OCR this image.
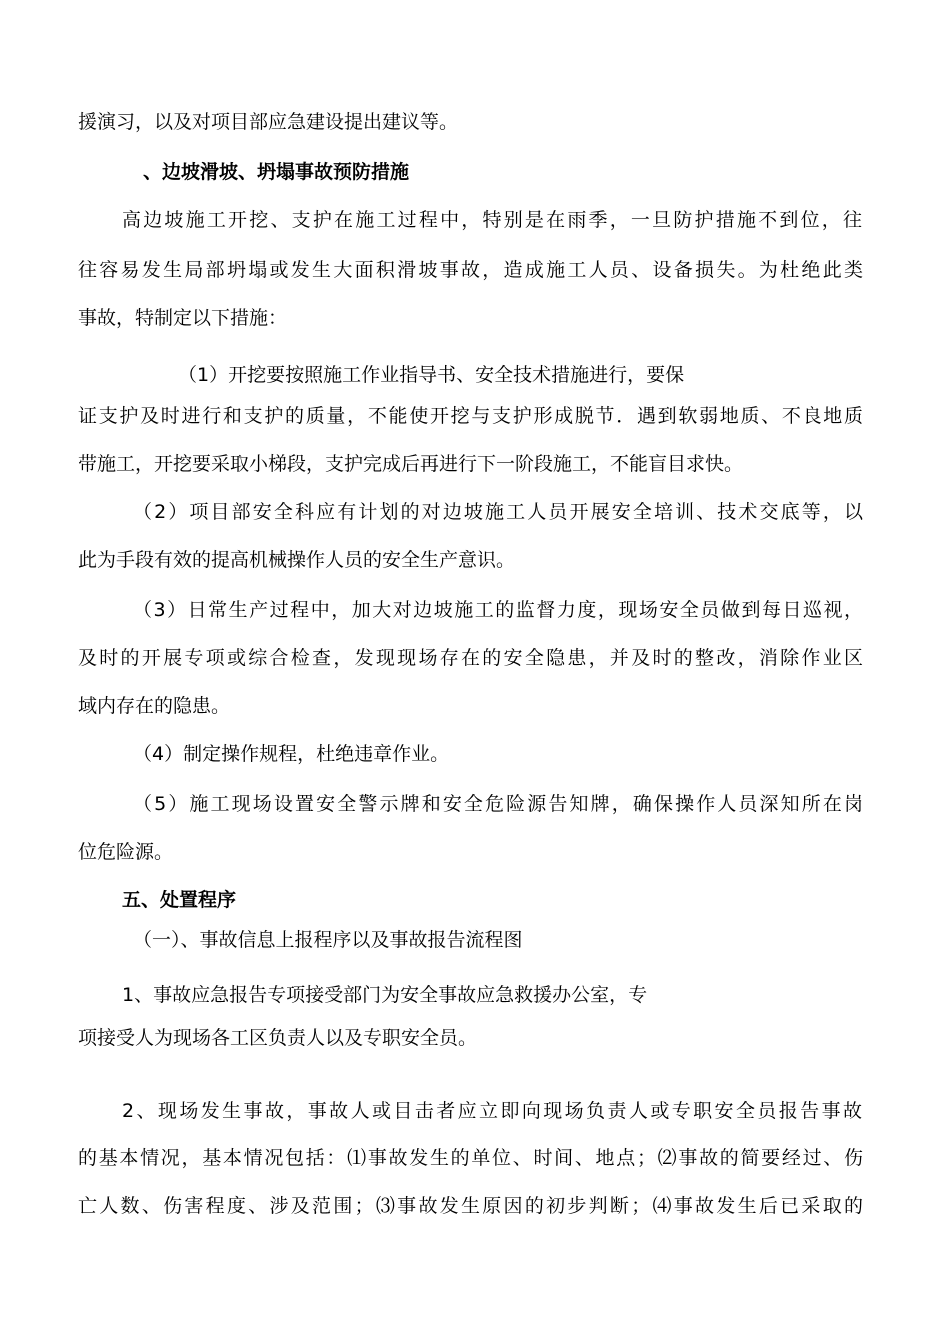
援演习，以及对项目部应急建设提出建议等。

、边坡滑坡、坍塌事故预防措施

高边坡施工开挖、支护在施工过程中，特别是在雨季，一旦防护措施不到位，往

往容易发生局部坍塌或发生大面积滑坡事故，造成施工人员、设备损失。为杜绝此类

事故，特制定以下措施：

（1）开挖要按照施工作业指导书、安全技术措施进行，要保

证支护及时进行和支护的质量，不能使开挖与支护形成脱节．遇到软弱地质、不良地质

带施工，开挖要采取小梯段，支护完成后再进行下一阶段施工，不能盲目求快。

（2）项目部安全科应有计划的对边坡施工人员开展安全培训、技术交底等，以

此为手段有效的提高机械操作人员的安全生产意识。

（3）日常生产过程中，加大对边坡施工的监督力度，现场安全员做到每日巡视，

及时的开展专项或综合检查，发现现场存在的安全隐患，并及时的整改，消除作业区

域内存在的隐患。

（4）制定操作规程，杜绝违章作业。

（5）施工现场设置安全警示牌和安全危险源告知牌，确保操作人员深知所在岗

位危险源。

五、处置程序

（一）、事故信息上报程序以及事故报告流程图

1、事故应急报告专项接受部门为安全事故应急救援办公室，专

项接受人为现场各工区负责人以及专职安全员。

2、现场发生事故，事故人或目击者应立即向现场负责人或专职安全员报告事故

的基本情况，基本情况包括：⑴事故发生的单位、时间、地点；⑵事故的简要经过、伤

亡人数、伤害程度、涉及范围；⑶事故发生原因的初步判断；⑷事故发生后已采取的
